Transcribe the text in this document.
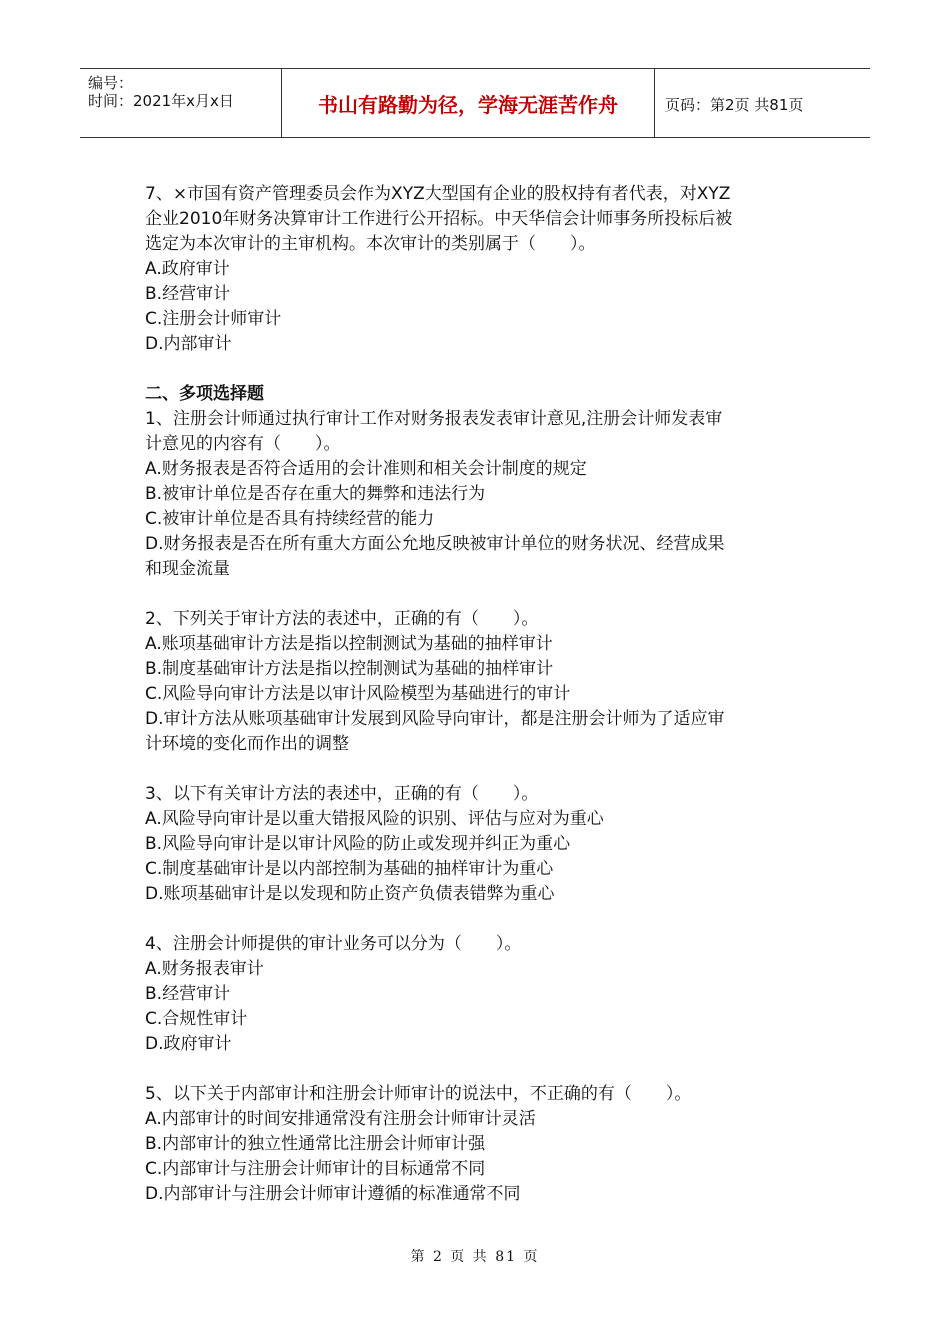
编号：
时间：2021年x月x日	书山有路勤为径，学海无涯苦作舟	页码：第2页 共81页
7、×市国有资产管理委员会作为XYZ大型国有企业的股权持有者代表，对XYZ
企业2010年财务决算审计工作进行公开招标。中天华信会计师事务所投标后被
选定为本次审计的主审机构。本次审计的类别属于（　　）。
A.政府审计
B.经营审计
C.注册会计师审计
D.内部审计
二、多项选择题
1、注册会计师通过执行审计工作对财务报表发表审计意见,注册会计师发表审
计意见的内容有（　　）。
A.财务报表是否符合适用的会计准则和相关会计制度的规定
B.被审计单位是否存在重大的舞弊和违法行为
C.被审计单位是否具有持续经营的能力
D.财务报表是否在所有重大方面公允地反映被审计单位的财务状况、经营成果
和现金流量
2、下列关于审计方法的表述中，正确的有（　　）。
A.账项基础审计方法是指以控制测试为基础的抽样审计
B.制度基础审计方法是指以控制测试为基础的抽样审计
C.风险导向审计方法是以审计风险模型为基础进行的审计
D.审计方法从账项基础审计发展到风险导向审计，都是注册会计师为了适应审
计环境的变化而作出的调整
3、以下有关审计方法的表述中，正确的有（　　）。
A.风险导向审计是以重大错报风险的识别、评估与应对为重心
B.风险导向审计是以审计风险的防止或发现并纠正为重心
C.制度基础审计是以内部控制为基础的抽样审计为重心
D.账项基础审计是以发现和防止资产负债表错弊为重心
4、注册会计师提供的审计业务可以分为（　　）。
A.财务报表审计
B.经营审计
C.合规性审计
D.政府审计
5、以下关于内部审计和注册会计师审计的说法中，不正确的有（　　）。
A.内部审计的时间安排通常没有注册会计师审计灵活
B.内部审计的独立性通常比注册会计师审计强
C.内部审计与注册会计师审计的目标通常不同
D.内部审计与注册会计师审计遵循的标准通常不同
第 2 页 共 81 页
